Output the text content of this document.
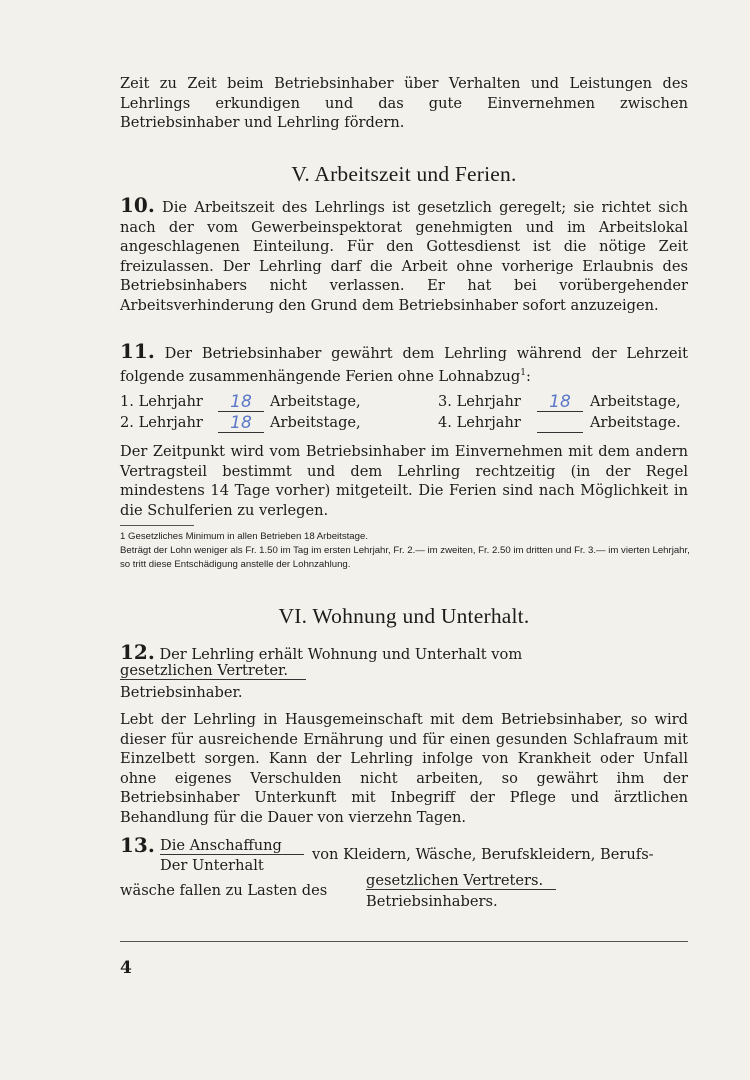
Zeit zu Zeit beim Betriebsinhaber über Verhalten und Leistungen des Lehrlings erkundigen und das gute Einvernehmen zwischen Betriebsinhaber und Lehrling fördern.

V. Arbeitszeit und Ferien.

10. Die Arbeitszeit des Lehrlings ist gesetzlich geregelt; sie richtet sich nach der vom Gewerbeinspektorat genehmigten und im Arbeitslokal angeschlagenen Einteilung. Für den Gottesdienst ist die nötige Zeit freizulassen. Der Lehrling darf die Arbeit ohne vorherige Erlaubnis des Betriebsinhabers nicht verlassen. Er hat bei vorübergehender Arbeitsverhinderung den Grund dem Betriebsinhaber sofort anzuzeigen.

11. Der Betriebsinhaber gewährt dem Lehrling während der Lehrzeit folgende zusammenhängende Ferien ohne Lohnabzug$^1$:

1. Lehrjahr	18	Arbeitstage,	3. Lehrjahr	18	Arbeitstage,
2. Lehrjahr	18	Arbeitstage,	4. Lehrjahr	Arbeitstage.

Der Zeitpunkt wird vom Betriebsinhaber im Einvernehmen mit dem andern Vertragsteil bestimmt und dem Lehrling rechtzeitig (in der Regel mindestens 14 Tage vorher) mitgeteilt. Die Ferien sind nach Möglichkeit in die Schulferien zu verlegen.

1 Gesetzliches Minimum in allen Betrieben 18 Arbeitstage.
Beträgt der Lohn weniger als Fr. 1.50 im Tag im ersten Lehrjahr, Fr. 2.— im zweiten, Fr. 2.50 im dritten und Fr. 3.— im vierten Lehrjahr, so tritt diese Entschädigung anstelle der Lohnzahlung.
VI. Wohnung und Unterhalt.
12. Der Lehrling erhält Wohnung und Unterhalt vom
gesetzlichen Vertreter.
Betriebsinhaber.

Lebt der Lehrling in Hausgemeinschaft mit dem Betriebsinhaber, so wird dieser für ausreichende Ernährung und für einen gesunden Schlafraum mit Einzelbett sorgen. Kann der Lehrling infolge von Krankheit oder Unfall ohne eigenes Verschulden nicht arbeiten, so gewährt ihm der Betriebsinhaber Unterkunft mit Inbegriff der Pflege und ärztlichen Behandlung für die Dauer von vierzehn Tagen.

13. Die Anschaffung
Der Unterhalt
von Kleidern, Wäsche, Berufskleidern, Berufs-
wäsche fallen zu Lasten des
gesetzlichen Vertreters.
Betriebsinhabers.
4
